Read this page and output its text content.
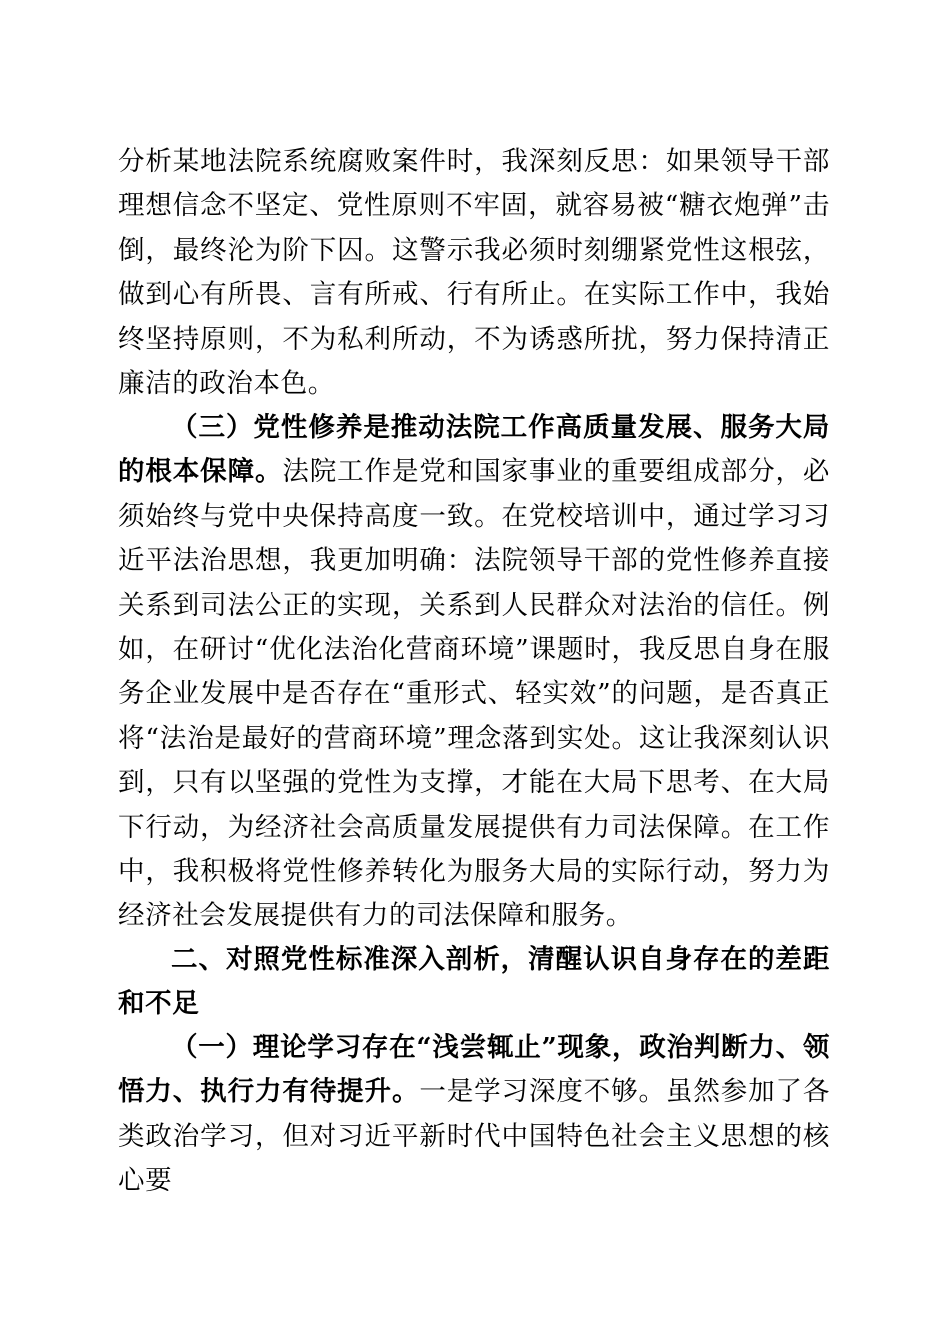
分析某地法院系统腐败案件时，我深刻反思：如果领导干部理想信念不坚定、党性原则不牢固，就容易被“糖衣炮弹”击倒，最终沦为阶下囚。这警示我必须时刻绷紧党性这根弦，做到心有所畏、言有所戒、行有所止。在实际工作中，我始终坚持原则，不为私利所动，不为诱惑所扰，努力保持清正廉洁的政治本色。

（三）党性修养是推动法院工作高质量发展、服务大局的根本保障。法院工作是党和国家事业的重要组成部分，必须始终与党中央保持高度一致。在党校培训中，通过学习习近平法治思想，我更加明确：法院领导干部的党性修养直接关系到司法公正的实现，关系到人民群众对法治的信任。例如，在研讨“优化法治化营商环境”课题时，我反思自身在服务企业发展中是否存在“重形式、轻实效”的问题，是否真正将“法治是最好的营商环境”理念落到实处。这让我深刻认识到，只有以坚强的党性为支撑，才能在大局下思考、在大局下行动，为经济社会高质量发展提供有力司法保障。在工作中，我积极将党性修养转化为服务大局的实际行动，努力为经济社会发展提供有力的司法保障和服务。

二、对照党性标准深入剖析，清醒认识自身存在的差距和不足

（一）理论学习存在“浅尝辄止”现象，政治判断力、领悟力、执行力有待提升。一是学习深度不够。虽然参加了各类政治学习，但对习近平新时代中国特色社会主义思想的核心要
